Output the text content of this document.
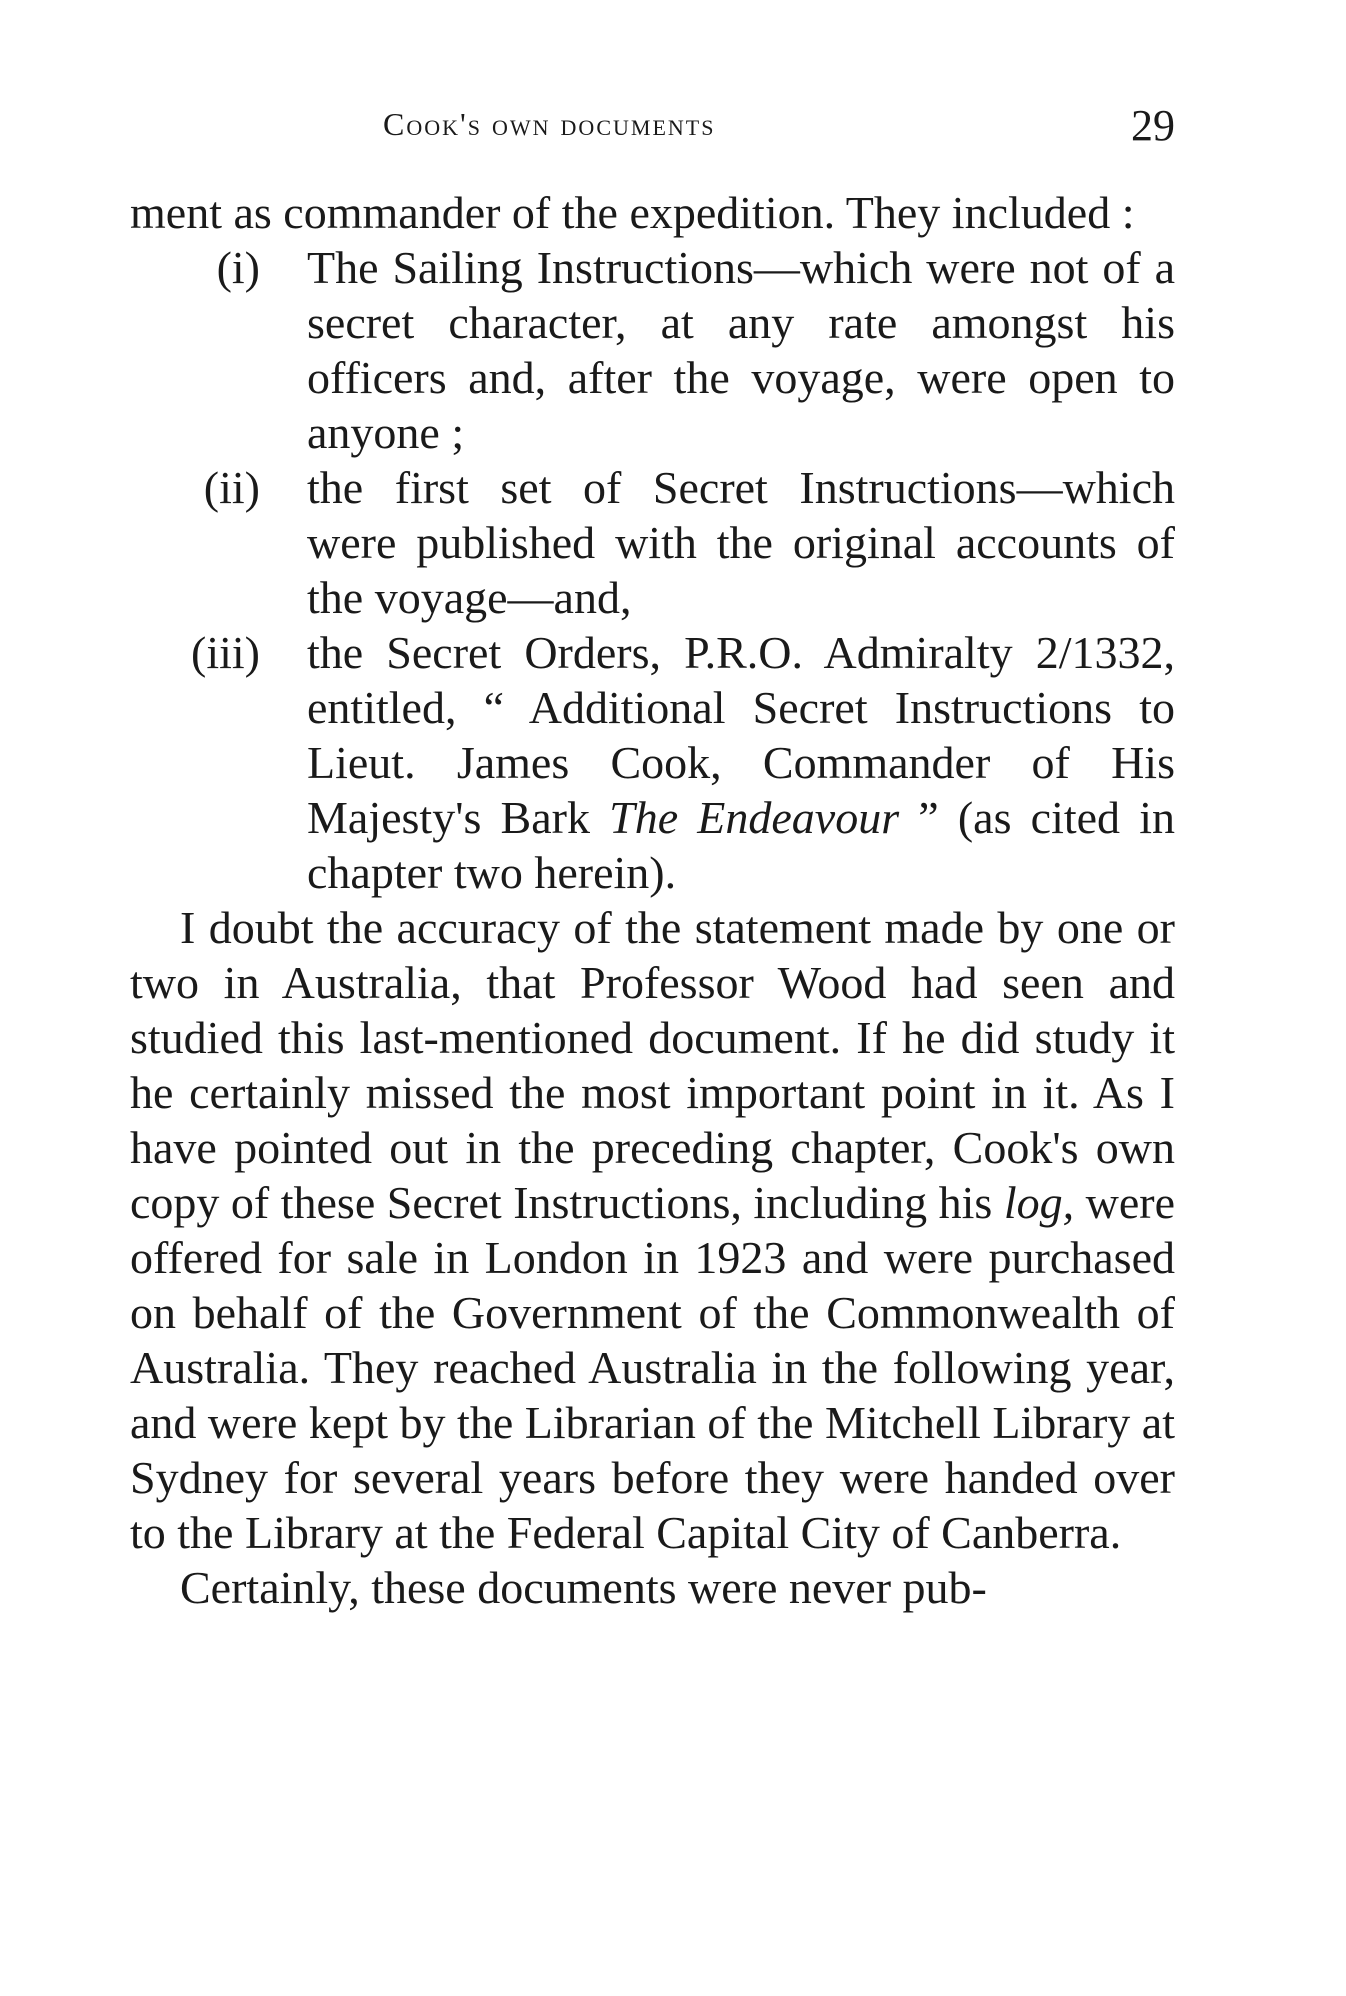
Cook's own documents	29

ment as commander of the expedition. They included :

(i) The Sailing Instructions—which were not of a secret character, at any rate amongst his officers and, after the voyage, were open to anyone ;
(ii) the first set of Secret Instructions—which were published with the original accounts of the voyage—and,
(iii) the Secret Orders, P.R.O. Admiralty 2/1332, entitled, “ Additional Secret Instructions to Lieut. James Cook, Commander of His Majesty's Bark The Endeavour ” (as cited in chapter two herein).

I doubt the accuracy of the statement made by one or two in Australia, that Professor Wood had seen and studied this last-mentioned document. If he did study it he certainly missed the most important point in it. As I have pointed out in the preceding chapter, Cook's own copy of these Secret Instructions, including his log, were offered for sale in London in 1923 and were purchased on behalf of the Government of the Commonwealth of Australia. They reached Australia in the following year, and were kept by the Librarian of the Mitchell Library at Sydney for several years before they were handed over to the Library at the Federal Capital City of Canberra.

Certainly, these documents were never pub-
